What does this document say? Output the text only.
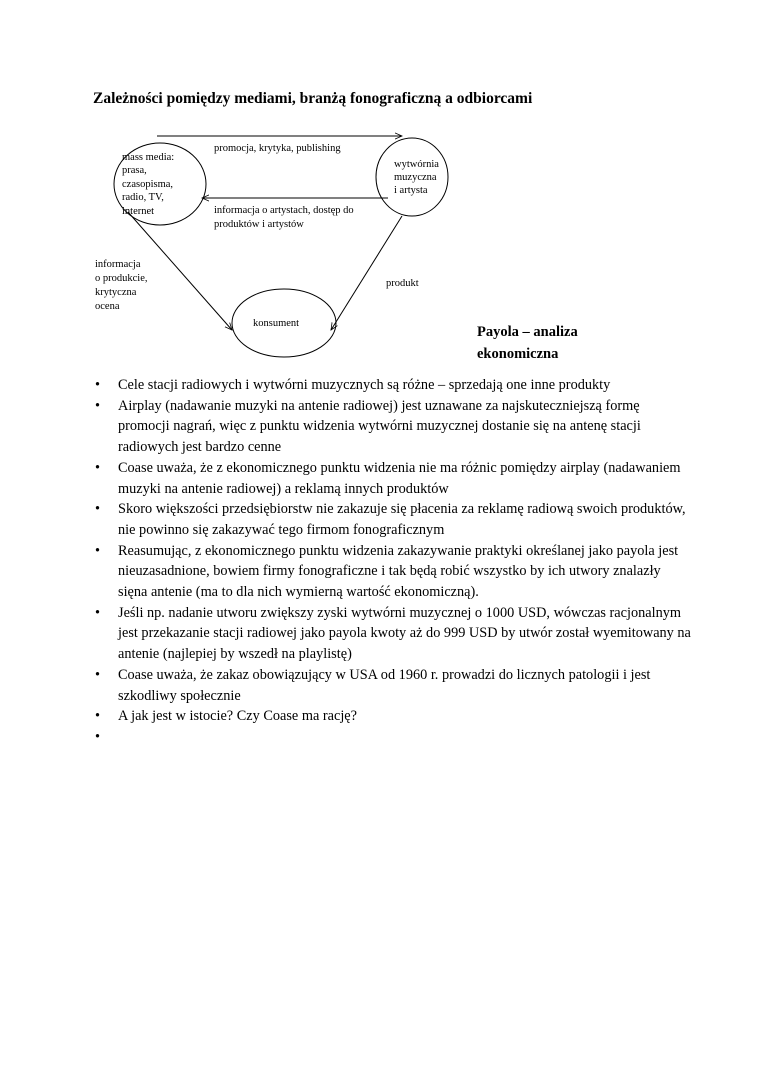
Zależności pomiędzy mediami, branżą fonograficzną a odbiorcami
mass media: prasa, czasopisma, radio, TV, internet
wytwórnia muzyczna i artysta
konsument
promocja, krytyka, publishing
informacja o artystach, dostęp do produktów i artystów
informacja o produkcie, krytyczna ocena
produkt
Payola – analiza
ekonomiczna
• Cele stacji radiowych i wytwórni muzycznych są różne – sprzedają one inne produkty
• Airplay (nadawanie muzyki na antenie radiowej) jest uznawane za najskuteczniejszą formę promocji nagrań, więc z punktu widzenia wytwórni muzycznej dostanie się na antenę stacji radiowych jest bardzo cenne
• Coase uważa, że z ekonomicznego punktu widzenia nie ma różnic pomiędzy airplay (nadawaniem muzyki na antenie radiowej) a reklamą innych produktów
• Skoro większości przedsiębiorstw nie zakazuje się płacenia za reklamę radiową swoich produktów, nie powinno się zakazywać tego firmom fonograficznym
• Reasumując, z ekonomicznego punktu widzenia zakazywanie praktyki określanej jako payola jest nieuzasadnione, bowiem firmy fonograficzne i tak będą robić wszystko by ich utwory znalazły sięna antenie (ma to dla nich wymierną wartość ekonomiczną).
• Jeśli np. nadanie utworu zwiększy zyski wytwórni muzycznej o 1000 USD, wówczas racjonalnym jest przekazanie stacji radiowej jako payola kwoty aż do 999 USD by utwór został wyemitowany na antenie (najlepiej by wszedł na playlistę)
• Coase uważa, że zakaz obowiązujący w USA od 1960 r. prowadzi do licznych patologii i jest szkodliwy społecznie
• A jak jest w istocie? Czy Coase ma rację?
•
